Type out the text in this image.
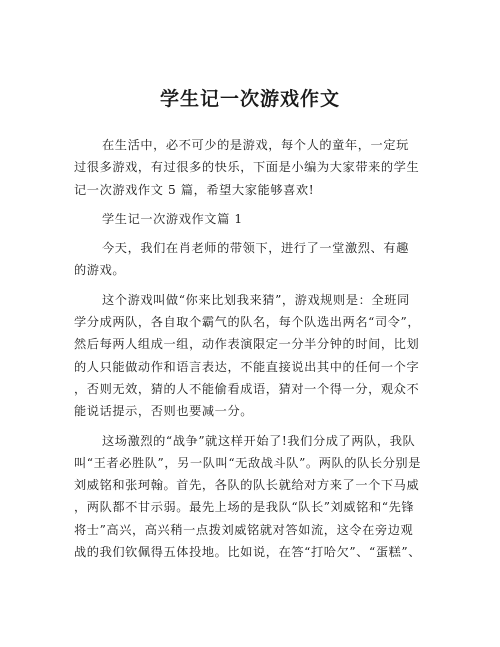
学生记一次游戏作文
在生活中，必不可少的是游戏，每个人的童年，一定玩
过很多游戏，有过很多的快乐，下面是小编为大家带来的学生
记一次游戏作文 5 篇，希望大家能够喜欢!
学生记一次游戏作文篇 1
今天，我们在肖老师的带领下，进行了一堂激烈、有趣
的游戏。
这个游戏叫做“你来比划我来猜”，游戏规则是：全班同
学分成两队，各自取个霸气的队名，每个队选出两名“司令”，
然后每两人组成一组，动作表演限定一分半分钟的时间，比划
的人只能做动作和语言表达，不能直接说出其中的任何一个字
，否则无效，猜的人不能偷看成语，猜对一个得一分，观众不
能说话提示，否则也要减一分。
这场激烈的“战争”就这样开始了!我们分成了两队，我队
叫“王者必胜队”，另一队叫“无敌战斗队”。两队的队长分别是
刘威铭和张珂翰。首先，各队的队长就给对方来了一个下马威
，两队都不甘示弱。最先上场的是我队“队长”刘威铭和“先锋
将士”高兴，高兴稍一点拨刘威铭就对答如流，这令在旁边观
战的我们钦佩得五体投地。比如说，在答“打哈欠”、“蛋糕”、
